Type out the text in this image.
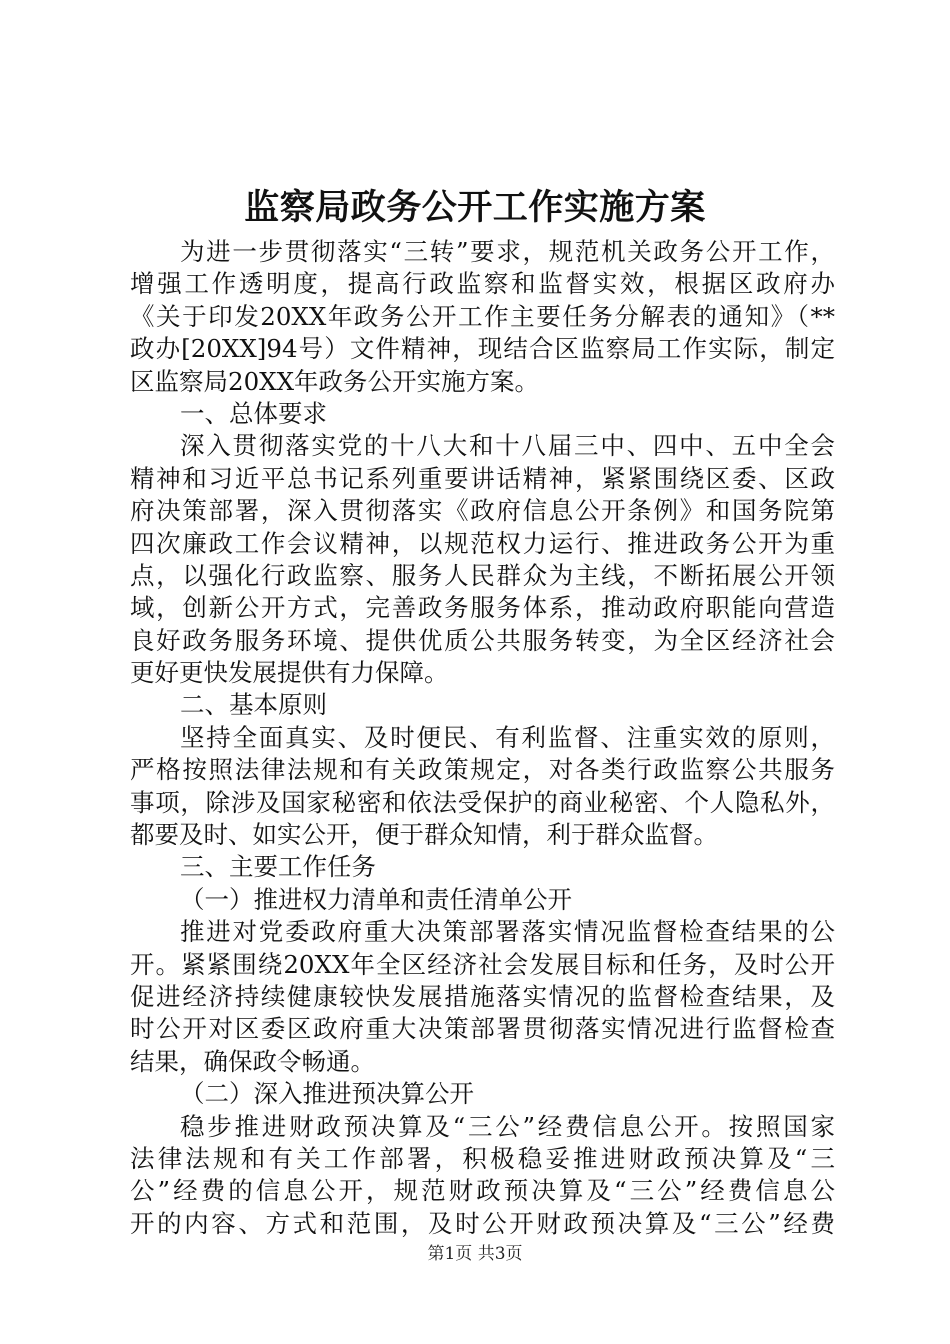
监察局政务公开工作实施方案
为进一步贯彻落实“三转”要求，规范机关政务公开工作，
增强工作透明度，提高行政监察和监督实效，根据区政府办
《关于印发20XX年政务公开工作主要任务分解表的通知》（**
政办[20XX]94号）文件精神，现结合区监察局工作实际，制定
区监察局20XX年政务公开实施方案。
一、总体要求
深入贯彻落实党的十八大和十八届三中、四中、五中全会
精神和习近平总书记系列重要讲话精神，紧紧围绕区委、区政
府决策部署，深入贯彻落实《政府信息公开条例》和国务院第
四次廉政工作会议精神，以规范权力运行、推进政务公开为重
点，以强化行政监察、服务人民群众为主线，不断拓展公开领
域，创新公开方式，完善政务服务体系，推动政府职能向营造
良好政务服务环境、提供优质公共服务转变，为全区经济社会
更好更快发展提供有力保障。
二、基本原则
坚持全面真实、及时便民、有利监督、注重实效的原则，
严格按照法律法规和有关政策规定，对各类行政监察公共服务
事项，除涉及国家秘密和依法受保护的商业秘密、个人隐私外，
都要及时、如实公开，便于群众知情，利于群众监督。
三、主要工作任务
（一）推进权力清单和责任清单公开
推进对党委政府重大决策部署落实情况监督检查结果的公
开。紧紧围绕20XX年全区经济社会发展目标和任务，及时公开
促进经济持续健康较快发展措施落实情况的监督检查结果，及
时公开对区委区政府重大决策部署贯彻落实情况进行监督检查
结果，确保政令畅通。
（二）深入推进预决算公开
稳步推进财政预决算及“三公”经费信息公开。按照国家
法律法规和有关工作部署，积极稳妥推进财政预决算及“三
公”经费的信息公开，规范财政预决算及“三公”经费信息公
开的内容、方式和范围，及时公开财政预决算及“三公”经费
第1页 共3页
